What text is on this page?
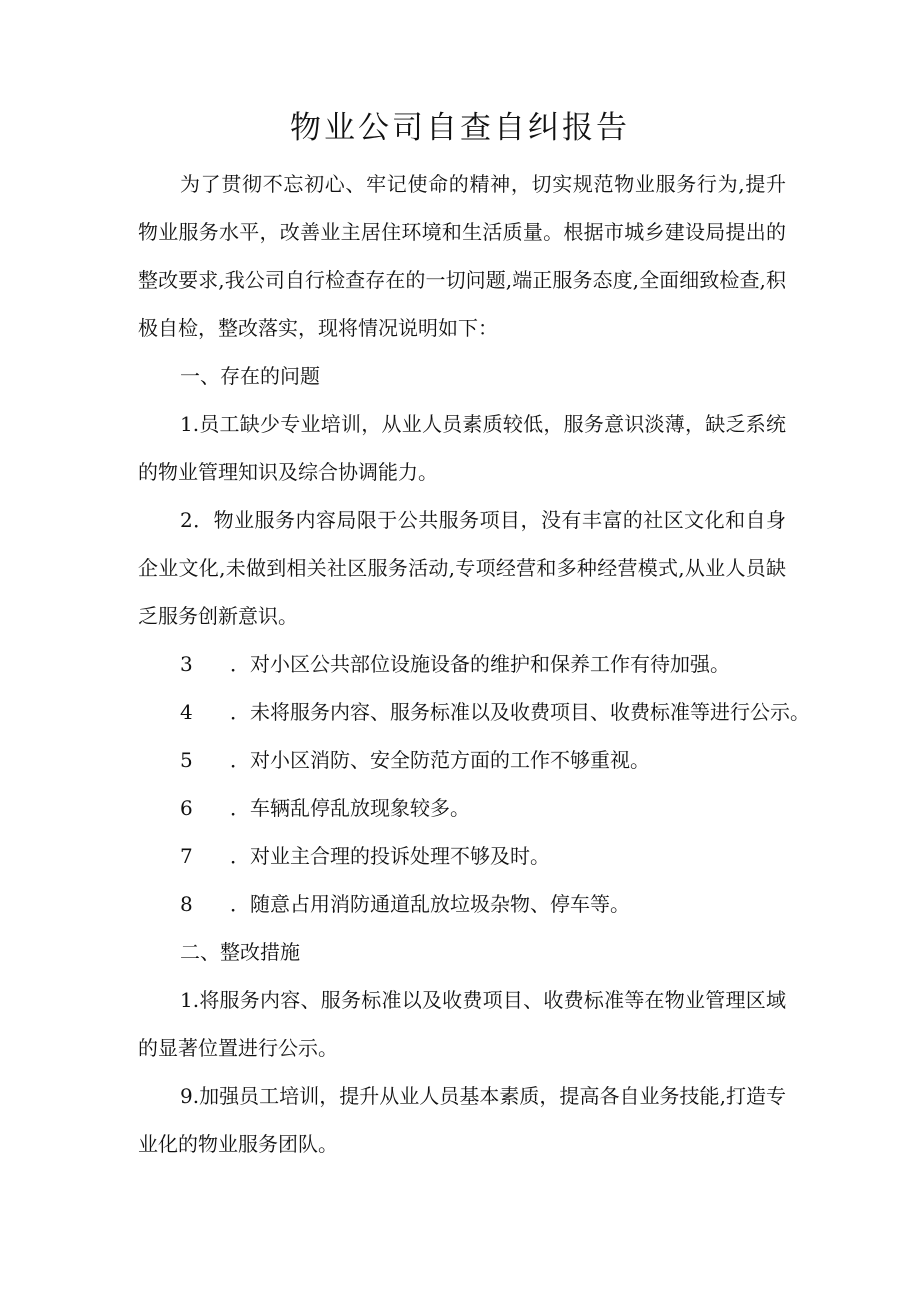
物业公司自查自纠报告

为了贯彻不忘初心、牢记使命的精神，切实规范物业服务行为,提升物业服务水平，改善业主居住环境和生活质量。根据市城乡建设局提出的整改要求,我公司自行检查存在的一切问题,端正服务态度,全面细致检查,积极自检，整改落实，现将情况说明如下：

一、存在的问题

1.员工缺少专业培训，从业人员素质较低，服务意识淡薄，缺乏系统的物业管理知识及综合协调能力。

2．物业服务内容局限于公共服务项目，没有丰富的社区文化和自身企业文化,未做到相关社区服务活动,专项经营和多种经营模式,从业人员缺乏服务创新意识。

3 ．对小区公共部位设施设备的维护和保养工作有待加强。
4 ．未将服务内容、服务标准以及收费项目、收费标准等进行公示。
5 ．对小区消防、安全防范方面的工作不够重视。
6 ．车辆乱停乱放现象较多。
7 ．对业主合理的投诉处理不够及时。
8 ．随意占用消防通道乱放垃圾杂物、停车等。
二、整改措施

1.将服务内容、服务标准以及收费项目、收费标准等在物业管理区域的显著位置进行公示。

9.加强员工培训，提升从业人员基本素质，提高各自业务技能,打造专业化的物业服务团队。
